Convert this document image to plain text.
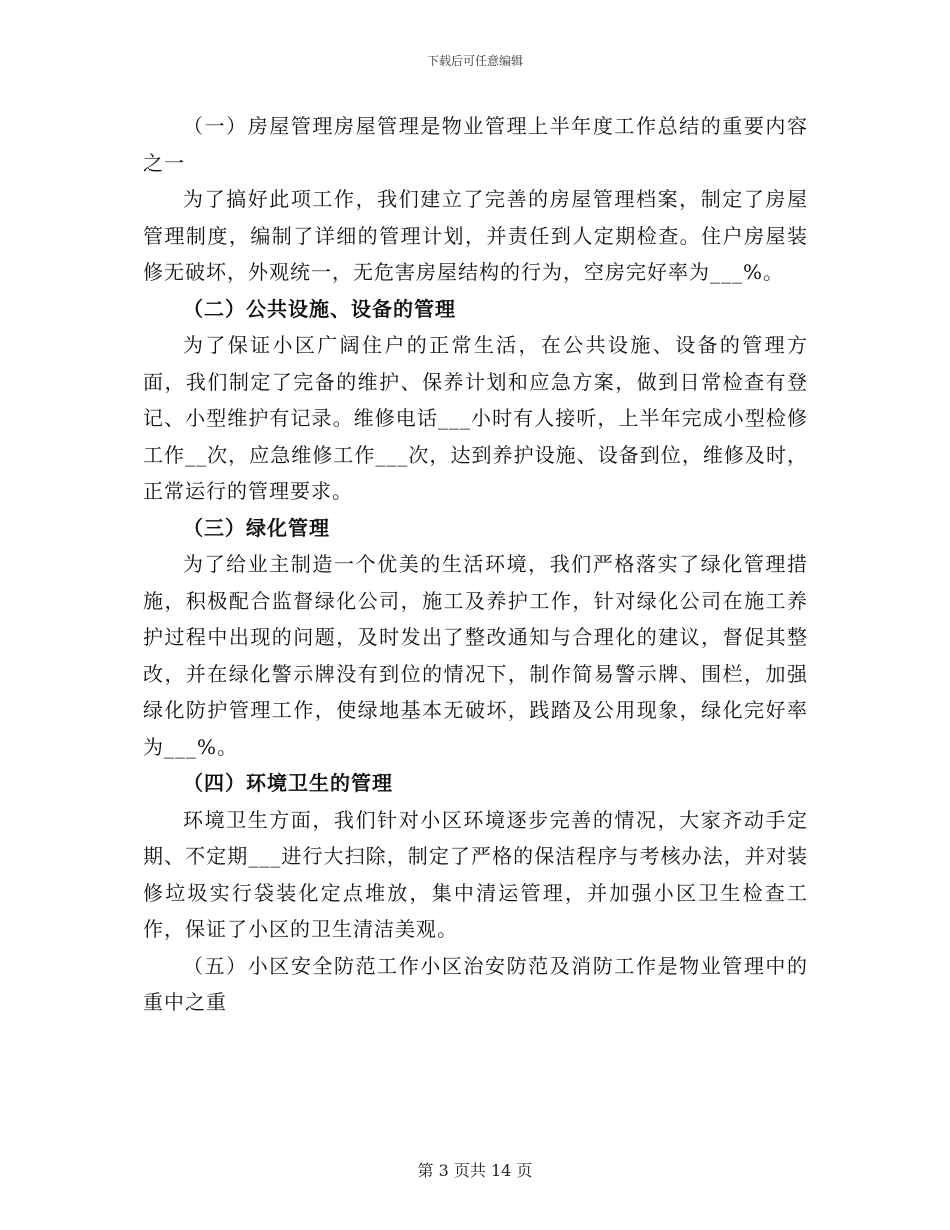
下载后可任意编辑

（一）房屋管理房屋管理是物业管理上半年度工作总结的重要内容之一

为了搞好此项工作，我们建立了完善的房屋管理档案，制定了房屋管理制度，编制了详细的管理计划，并责任到人定期检查。住户房屋装修无破坏，外观统一，无危害房屋结构的行为，空房完好率为___%。

（二）公共设施、设备的管理

为了保证小区广阔住户的正常生活，在公共设施、设备的管理方面，我们制定了完备的维护、保养计划和应急方案，做到日常检查有登记、小型维护有记录。维修电话___小时有人接听，上半年完成小型检修工作__次，应急维修工作___次，达到养护设施、设备到位，维修及时，正常运行的管理要求。

（三）绿化管理

为了给业主制造一个优美的生活环境，我们严格落实了绿化管理措施，积极配合监督绿化公司，施工及养护工作，针对绿化公司在施工养护过程中出现的问题，及时发出了整改通知与合理化的建议，督促其整改，并在绿化警示牌没有到位的情况下，制作简易警示牌、围栏，加强绿化防护管理工作，使绿地基本无破坏，践踏及公用现象，绿化完好率为___%。

（四）环境卫生的管理

环境卫生方面，我们针对小区环境逐步完善的情况，大家齐动手定期、不定期___进行大扫除，制定了严格的保洁程序与考核办法，并对装修垃圾实行袋装化定点堆放，集中清运管理，并加强小区卫生检查工作，保证了小区的卫生清洁美观。

（五）小区安全防范工作小区治安防范及消防工作是物业管理中的重中之重

第 3 页共 14 页
